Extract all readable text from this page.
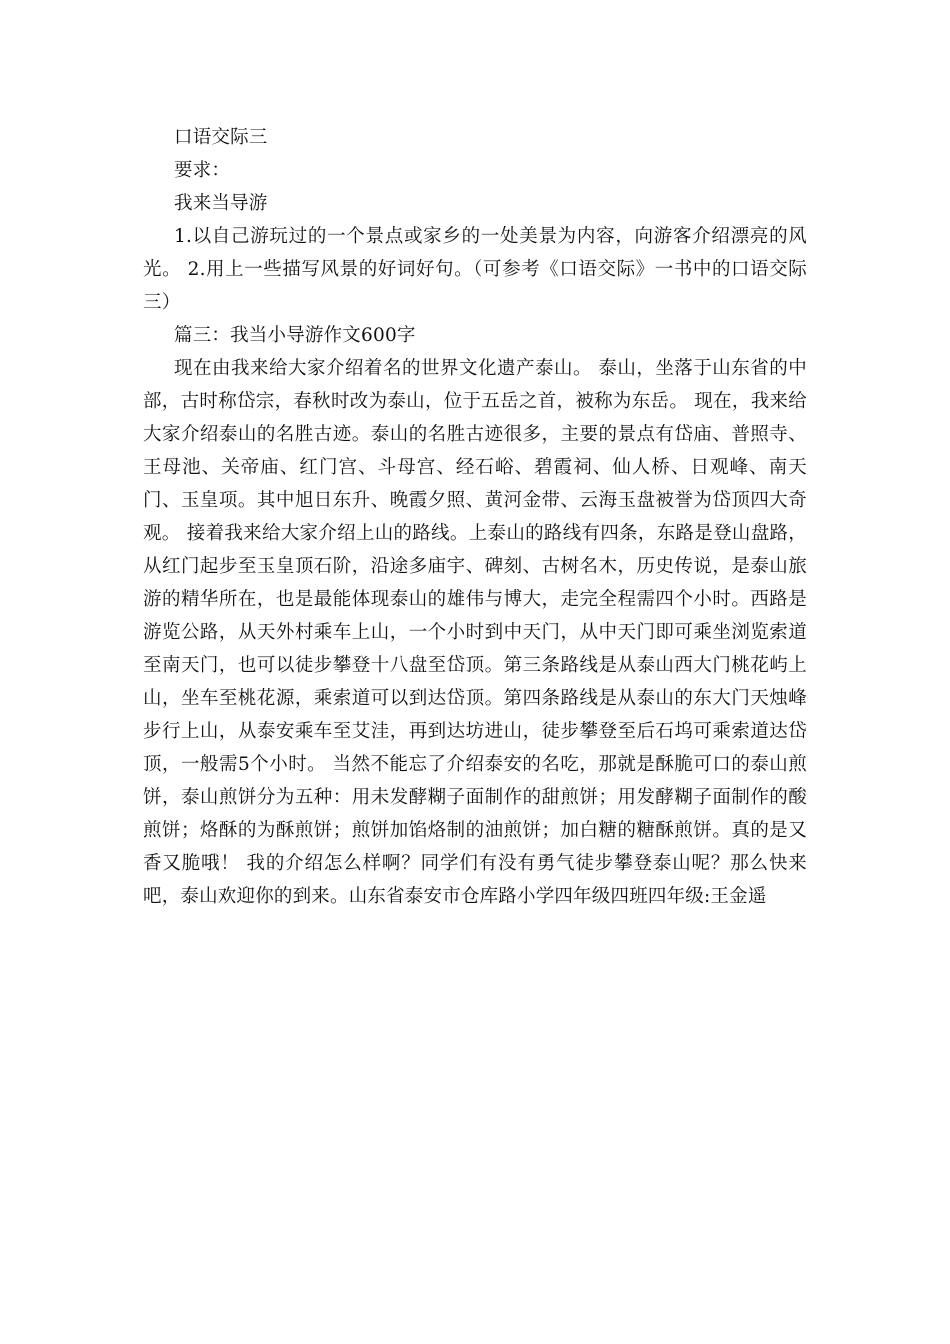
口语交际三

要求：

我来当导游

1.以自己游玩过的一个景点或家乡的一处美景为内容，向游客介绍漂亮的风光。 2.用上一些描写风景的好词好句。（可参考《口语交际》一书中的口语交际三）

篇三：我当小导游作文600字

现在由我来给大家介绍着名的世界文化遗产泰山。 泰山，坐落于山东省的中部，古时称岱宗，春秋时改为泰山，位于五岳之首，被称为东岳。 现在，我来给大家介绍泰山的名胜古迹。泰山的名胜古迹很多，主要的景点有岱庙、普照寺、王母池、关帝庙、红门宫、斗母宫、经石峪、碧霞祠、仙人桥、日观峰、南天门、玉皇项。其中旭日东升、晚霞夕照、黄河金带、云海玉盘被誉为岱顶四大奇观。 接着我来给大家介绍上山的路线。上泰山的路线有四条，东路是登山盘路，从红门起步至玉皇顶石阶，沿途多庙宇、碑刻、古树名木，历史传说，是泰山旅游的精华所在，也是最能体现泰山的雄伟与博大，走完全程需四个小时。西路是游览公路，从天外村乘车上山，一个小时到中天门，从中天门即可乘坐浏览索道至南天门，也可以徒步攀登十八盘至岱顶。第三条路线是从泰山西大门桃花屿上山，坐车至桃花源，乘索道可以到达岱顶。第四条路线是从泰山的东大门天烛峰步行上山，从泰安乘车至艾洼，再到达坊进山，徒步攀登至后石坞可乘索道达岱顶，一般需5个小时。 当然不能忘了介绍泰安的名吃，那就是酥脆可口的泰山煎饼，泰山煎饼分为五种：用未发酵糊子面制作的甜煎饼；用发酵糊子面制作的酸煎饼；烙酥的为酥煎饼；煎饼加馅烙制的油煎饼；加白糖的糖酥煎饼。真的是又香又脆哦！ 我的介绍怎么样啊？同学们有没有勇气徒步攀登泰山呢？那么快来吧，泰山欢迎你的到来。山东省泰安市仓库路小学四年级四班四年级:王金遥
